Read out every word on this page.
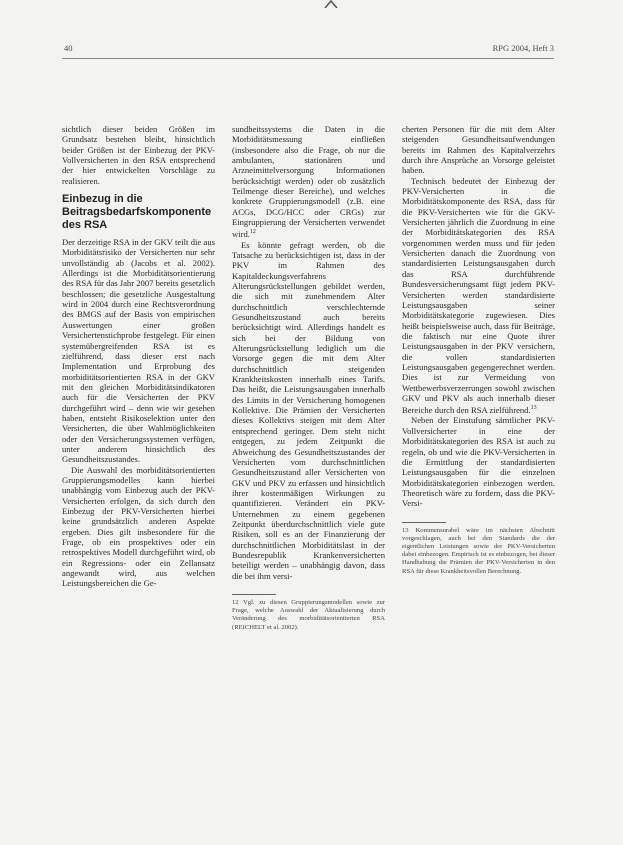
40	RPG 2004, Heft 3

sichtlich dieser beiden Größen im Grundsatz bestehen bleibt, hinsichtlich beider Größen ist der Einbezug der PKV-Vollversicherten in den RSA entsprechend der hier entwickelten Vorschläge zu realisieren.

Einbezug in die Beitragsbedarfskomponente des RSA

Der derzeitige RSA in der GKV teilt die aus Morbiditätsrisiko der Versicherten nur sehr unvollständig ab (Jacobs et al. 2002). Allerdings ist die Morbiditätsorientierung des RSA für das Jahr 2007 bereits gesetzlich beschlossen; die gesetzliche Ausgestaltung wird in 2004 durch eine Rechtsverordnung des BMGS auf der Basis von empirischen Auswertungen einer großen Versichertenstichprobe festgelegt. Für einen systemübergreifenden RSA ist es zielführend, dass dieser erst nach Implementation und Erprobung des morbiditätsorientierten RSA in der GKV mit den gleichen Morbiditätsindikatoren auch für die Versicherten der PKV durchgeführt wird – denn wie wir gesehen haben, entsteht Risikoselektion unter den Versicherten, die über Wahlmöglichkeiten oder den Versicherungssystemen verfügen, unter anderem hinsichtlich des Gesundheitszustandes.

Die Auswahl des morbiditätsorientierten Gruppierungsmodelles kann hierbei unabhängig vom Einbezug auch der PKV-Versicherten erfolgen, da sich durch den Einbezug der PKV-Versicherten hierbei keine grundsätzlich anderen Aspekte ergeben. Dies gilt insbesondere für die Frage, ob ein prospektives oder ein retrospektives Modell durchgeführt wird, ob ein Regressions- oder ein Zellansatz angewandt wird, aus welchen Leistungsbereichen die Ge-

sundheitssystems die Daten in die Morbiditätsmessung einfließen (insbesondere also die Frage, ob nur die ambulanten, stationären und Arzneimittelversorgung Informationen berücksichtigt werden) oder ob zusätzlich Teilmenge dieser Bereiche), und welches konkrete Gruppierungsmodell (z.B. eine ACGs, DCG/HCC oder CRGs) zur Eingruppierung der Versicherten verwendet wird.$^{12}$

Es könnte gefragt werden, ob die Tatsache zu berücksichtigen ist, dass in der PKV im Rahmen des Kapitaldeckungsverfahrens Alterungsrückstellungen gebildet werden, die sich mit zunehmendem Alter durchschnittlich verschlechternde Gesundheitszustand auch bereits berücksichtigt wird. Allerdings handelt es sich bei der Bildung von Alterungsrückstellung lediglich um die Vorsorge gegen die mit dem Alter durchschnittlich steigenden Krankheitskosten innerhalb eines Tarifs. Das heißt, die Leistungsausgaben innerhalb des Limits in der Versicherung homogenen Kollektive. Die Prämien der Versicherten dieses Kollektivs steigen mit dem Alter entsprechend geringer. Dem steht nicht entgegen, zu jedem Zeitpunkt die Abweichung des Gesundheitszustandes der Versicherten vom durchschnittlichen Gesundheitszustand aller Versicherten von GKV und PKV zu erfassen und hinsichtlich ihrer kostenmäßigen Wirkungen zu quantifizieren. Verändert ein PKV-Unternehmen zu einem gegebenen Zeitpunkt überdurchschnittlich viele gute Risiken, soll es an der Finanzierung der durchschnittlichen Morbiditätslast in der Bundesrepublik Krankenversicherten beteiligt werden – unabhängig davon, dass die bei ihm versi-

12 Vgl. zu diesen Gruppierungsmodellen sowie zur Frage, welche Auswahl der Aktualisierung durch Veränderung des morbiditätsorientierten RSA (REICHELT et al. 2002).

cherten Personen für die mit dem Alter steigenden Gesundheitsaufwendungen bereits im Rahmen des Kapitalverzehrs durch ihre Ansprüche an Vorsorge geleistet haben.

Technisch bedeutet der Einbezug der PKV-Versicherten in die Morbiditätskomponente des RSA, dass für die PKV-Versicherten wie für die GKV-Versicherten jährlich die Zuordnung in eine der Morbiditätskategorien des RSA vorgenommen werden muss und für jeden Versicherten danach die Zuordnung von standardisierten Leistungsausgaben durch das RSA durchführende Bundesversicherungsamt fügt jedem PKV-Versicherten werden standardisierte Leistungsausgaben seiner Morbiditätskategorie zugewiesen. Dies heißt beispielsweise auch, dass für Beiträge, die faktisch nur eine Quote ihrer Leistungsausgaben in der PKV versichern, die vollen standardisierten Leistungsausgaben gegengerechnet werden. Dies ist zur Vermeidung von Wettbewerbsverzerrungen sowohl zwischen GKV und PKV als auch innerhalb dieser Bereiche durch den RSA zielführend.$^{13}$

Neben der Einstufung sämtlicher PKV-Vollversicherter in eine der Morbiditätskategorien des RSA ist auch zu regeln, ob und wie die PKV-Versicherten in die Ermittlung der standardisierten Leistungsausgaben für die einzelnen Morbiditätskategorien einbezogen werden. Theoretisch wäre zu fordern, dass die PKV-Versi-

13 Kommensurabel wäre im nächsten Abschnitt vorgeschlagen, auch bei den Standards die der eigentlichen Leistungen sowie der PKV-Versicherten dabei einbezogen. Empirisch ist es einbezogen, bei dieser Handhabung die Prämien der PKV-Versicherten in den RSA für diese Krankheitsvollen Berechnung.
